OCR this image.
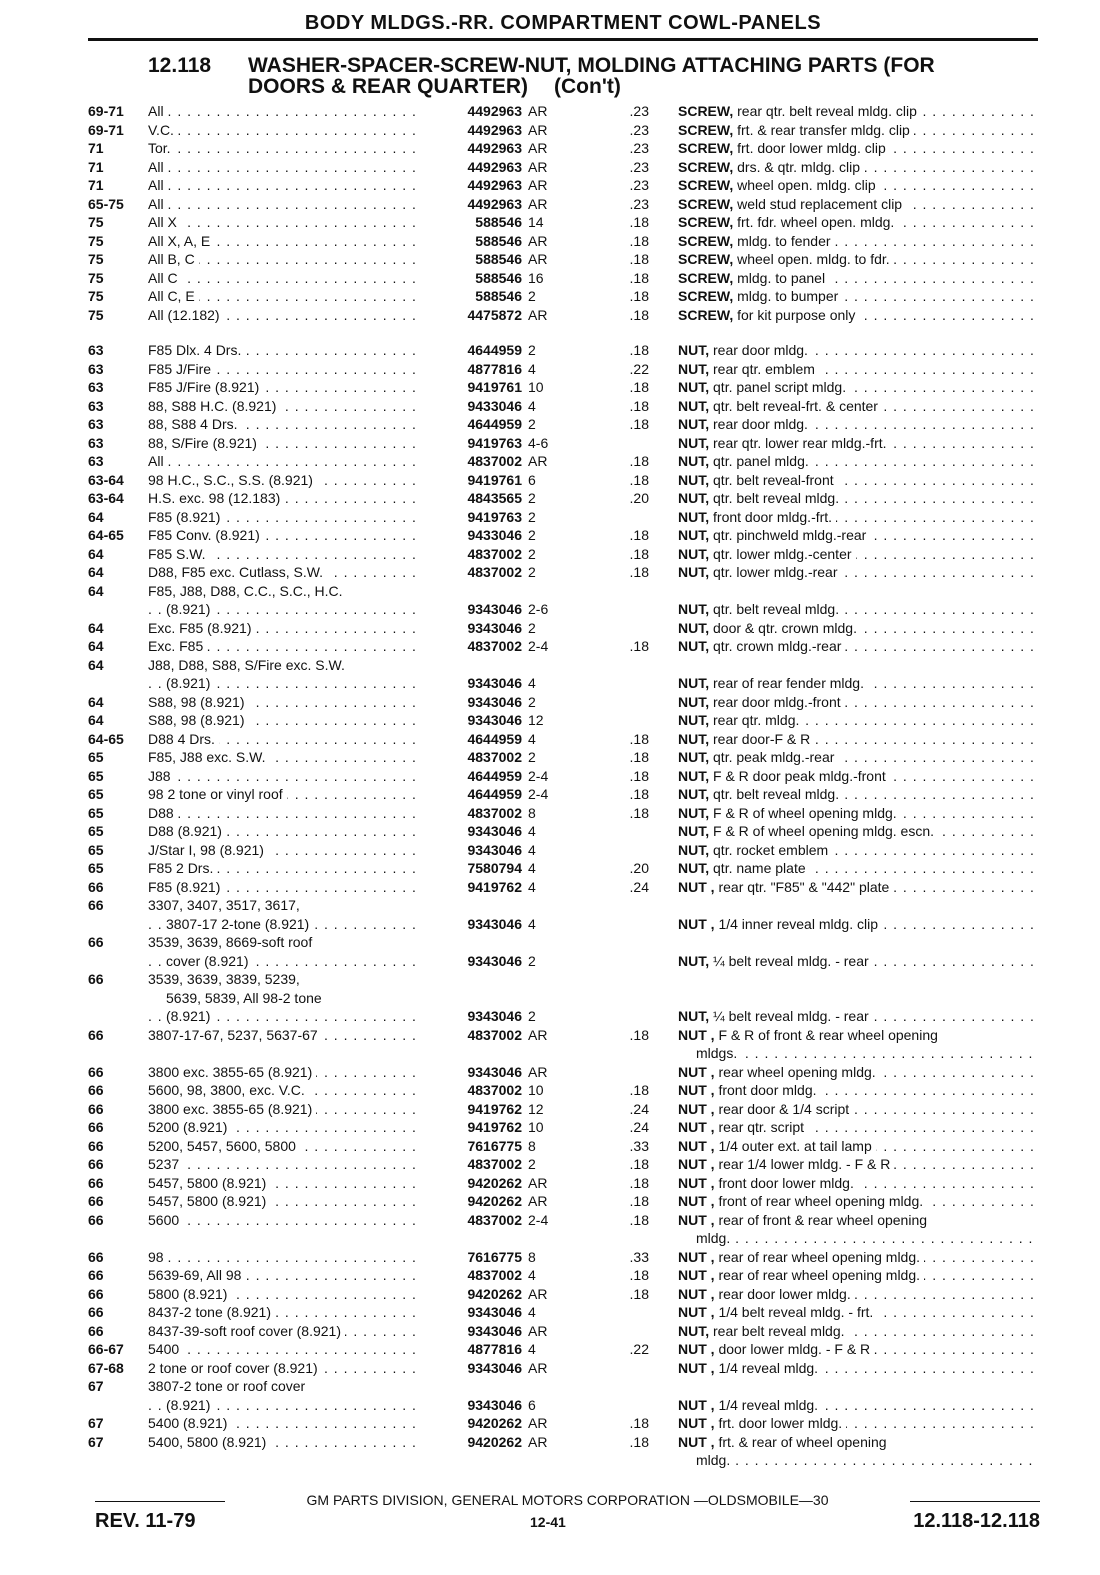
BODY MLDGS.-RR. COMPARTMENT COWL-PANELS
12.118 WASHER-SPACER-SCREW-NUT, MOLDING ATTACHING PARTS (FOR
DOORS & REAR QUARTER) (Con't)
69-71 . . .	All	4492963 AR	.23 . . . SCREW, rear qtr. belt reveal mldg. clip
69-71 . . .	V.C.	4492963 AR	.23 . . . SCREW, frt. & rear transfer mldg. clip
71 . . .	Tor.	4492963 AR	.23 . . . SCREW, frt. door lower mldg. clip
71 . . .	All	4492963 AR	.23 . . . SCREW, drs. & qtr. mldg. clip
71 . . .	All	4492963 AR	.23 . . . SCREW, wheel open. mldg. clip
65-75 . . .	All	4492963 AR	.23 . . . SCREW, weld stud replacement clip
75 . . .	All X	588546 14	.18 . . . SCREW, frt. fdr. wheel open. mldg.
75 . . .	All X, A, E	588546 AR	.18 . . . SCREW, mldg. to fender
75 . . .	All B, C	588546 AR	.18 . . . SCREW, wheel open. mldg. to fdr.
75 . . .	All C	588546 16	.18 . . . SCREW, mldg. to panel
75 . . .	All C, E	588546 2	.18 . . . SCREW, mldg. to bumper
75 . . .	All (12.182)	4475872 AR	.18 . . . SCREW, for kit purpose only
63 . . .	F85 Dlx. 4 Drs.	4644959 2	.18 . . . NUT, rear door mldg.
63 . . .	F85 J/Fire	4877816 4	.22 . . . NUT, rear qtr. emblem
63 . . .	F85 J/Fire (8.921)	9419761 10	.18 . . . NUT, qtr. panel script mldg.
63 . . .	88, S88 H.C. (8.921)	9433046 4	.18 . . . NUT, qtr. belt reveal-frt. & center
63 . . .	88, S88 4 Drs.	4644959 2	.18 . . . NUT, rear door mldg.
63 . . .	88, S/Fire (8.921)	9419763 4-6 . . .	NUT, rear qtr. lower rear mldg.-frt.
63 . . .	All	4837002 AR	.18 . . . NUT, qtr. panel mldg.
63-64 . . .	98 H.C., S.C., S.S. (8.921)	9419761 6	.18 . . . NUT, qtr. belt reveal-front
63-64 . . .	H.S. exc. 98 (12.183)	4843565 2	.20 . . . NUT, qtr. belt reveal mldg.
64 . . .	F85 (8.921)	9419763 2 . . .	NUT, front door mldg.-frt.
64-65 . . .	F85 Conv. (8.921)	9433046 2	.18 . . . NUT, qtr. pinchweld mldg.-rear
64 . . .	F85 S.W.	4837002 2	.18 . . . NUT, qtr. lower mldg.-center
64 . . .	D88, F85 exc. Cutlass, S.W.	4837002 2	.18 . . . NUT, qtr. lower mldg.-rear
64	F85, J88, D88, C.C., S.C., H.C.
. . .
(8.921)	9343046 2-6 . . .	NUT, qtr. belt reveal mldg.
64 . . .	Exc. F85 (8.921)	9343046 2 . . .	NUT, door & qtr. crown mldg.
64 . . .	Exc. F85	4837002 2-4	.18 . . . NUT, qtr. crown mldg.-rear
64	J88, D88, S88, S/Fire exc. S.W.
. . .
(8.921)	9343046 4 . . .	NUT, rear of rear fender mldg.
64 . . .	S88, 98 (8.921)	9343046 2 . . .	NUT, rear door mldg.-front
64 . . .	S88, 98 (8.921)	9343046 12 . . .	NUT, rear qtr. mldg.
64-65 . . .	D88 4 Drs.	4644959 4	.18 . . . NUT, rear door-F & R
65 . . .	F85, J88 exc. S.W.	4837002 2	.18 . . . NUT, qtr. peak mldg.-rear
65 . . .	J88	4644959 2-4	.18 . . . NUT, F & R door peak mldg.-front
65 . . .	98 2 tone or vinyl roof	4644959 2-4	.18 . . . NUT, qtr. belt reveal mldg.
65 . . .	D88	4837002 8	.18 . . . NUT, F & R of wheel opening mldg.
65 . . .	D88 (8.921)	9343046 4 . . .	NUT, F & R of wheel opening mldg. escn.
65 . . .	J/Star I, 98 (8.921)	9343046 4 . . .	NUT, qtr. rocket emblem
65 . . .	F85 2 Drs.	7580794 4	.20 . . . NUT, qtr. name plate
66 . . .	F85 (8.921)	9419762 4	.24 . . . NUT , rear qtr. "F85" & "442" plate
66	3307, 3407, 3517, 3617,
. . .
3807-17 2-tone (8.921)	9343046 4 . . .	NUT , 1/4 inner reveal mldg. clip
66	3539, 3639, 8669-soft roof
. . .
cover (8.921)	9343046 2 . . .	NUT, ¼ belt reveal mldg. - rear
66	3539, 3639, 3839, 5239,
5639, 5839, All 98-2 tone
. . .
(8.921)	9343046 2 . . .	NUT, ¼ belt reveal mldg. - rear
66 . . .	3807-17-67, 5237, 5637-67	4837002 AR	.18 NUT , F & R of front & rear wheel opening
. . .
mldgs.
66 . . .	3800 exc. 3855-65 (8.921)	9343046 AR . . .	NUT , rear wheel opening mldg.
66 . . .	5600, 98, 3800, exc. V.C.	4837002 10	.18 . . . NUT , front door mldg.
66 . . .	3800 exc. 3855-65 (8.921)	9419762 12	.24 . . . NUT , rear door & 1/4 script
66 . . .	5200 (8.921)	9419762 10	.24 . . . NUT , rear qtr. script
66 . . .	5200, 5457, 5600, 5800	7616775 8	.33 . . . NUT , 1/4 outer ext. at tail lamp
66 . . .	5237	4837002 2	.18 . . . NUT , rear 1/4 lower mldg. - F & R
66 . . .	5457, 5800 (8.921)	9420262 AR	.18 . . . NUT , front door lower mldg.
66 . . .	5457, 5800 (8.921)	9420262 AR	.18 . . . NUT , front of rear wheel opening mldg.
66 . . .	5600	4837002 2-4	.18 NUT , rear of front & rear wheel opening
. . .
mldg.
66 . . .	98	7616775 8	.33 . . . NUT , rear of rear wheel opening mldg.
66 . . .	5639-69, All 98	4837002 4	.18 . . . NUT , rear of rear wheel opening mldg.
66 . . .	5800 (8.921)	9420262 AR	.18 . . . NUT , rear door lower mldg.
66 . . .	8437-2 tone (8.921)	9343046 4 . . .	NUT , 1/4 belt reveal mldg. - frt.
66 . . .	8437-39-soft roof cover (8.921)	9343046 AR . . .	NUT, rear belt reveal mldg.
66-67 . . .	5400	4877816 4	.22 . . . NUT , door lower mldg. - F & R
67-68 . . .	2 tone or roof cover (8.921)	9343046 AR . . .	NUT , 1/4 reveal mldg.
67	3807-2 tone or roof cover
. . .
(8.921)	9343046 6 . . .	NUT , 1/4 reveal mldg.
67 . . .	5400 (8.921)	9420262 AR	.18 . . . NUT , frt. door lower mldg.
67 . . .	5400, 5800 (8.921)	9420262 AR	.18 NUT , frt. & rear of wheel opening
. . .
mldg.
GM PARTS DIVISION, GENERAL MOTORS CORPORATION —OLDSMOBILE—30
REV. 11-79	12-41	12.118-12.118
